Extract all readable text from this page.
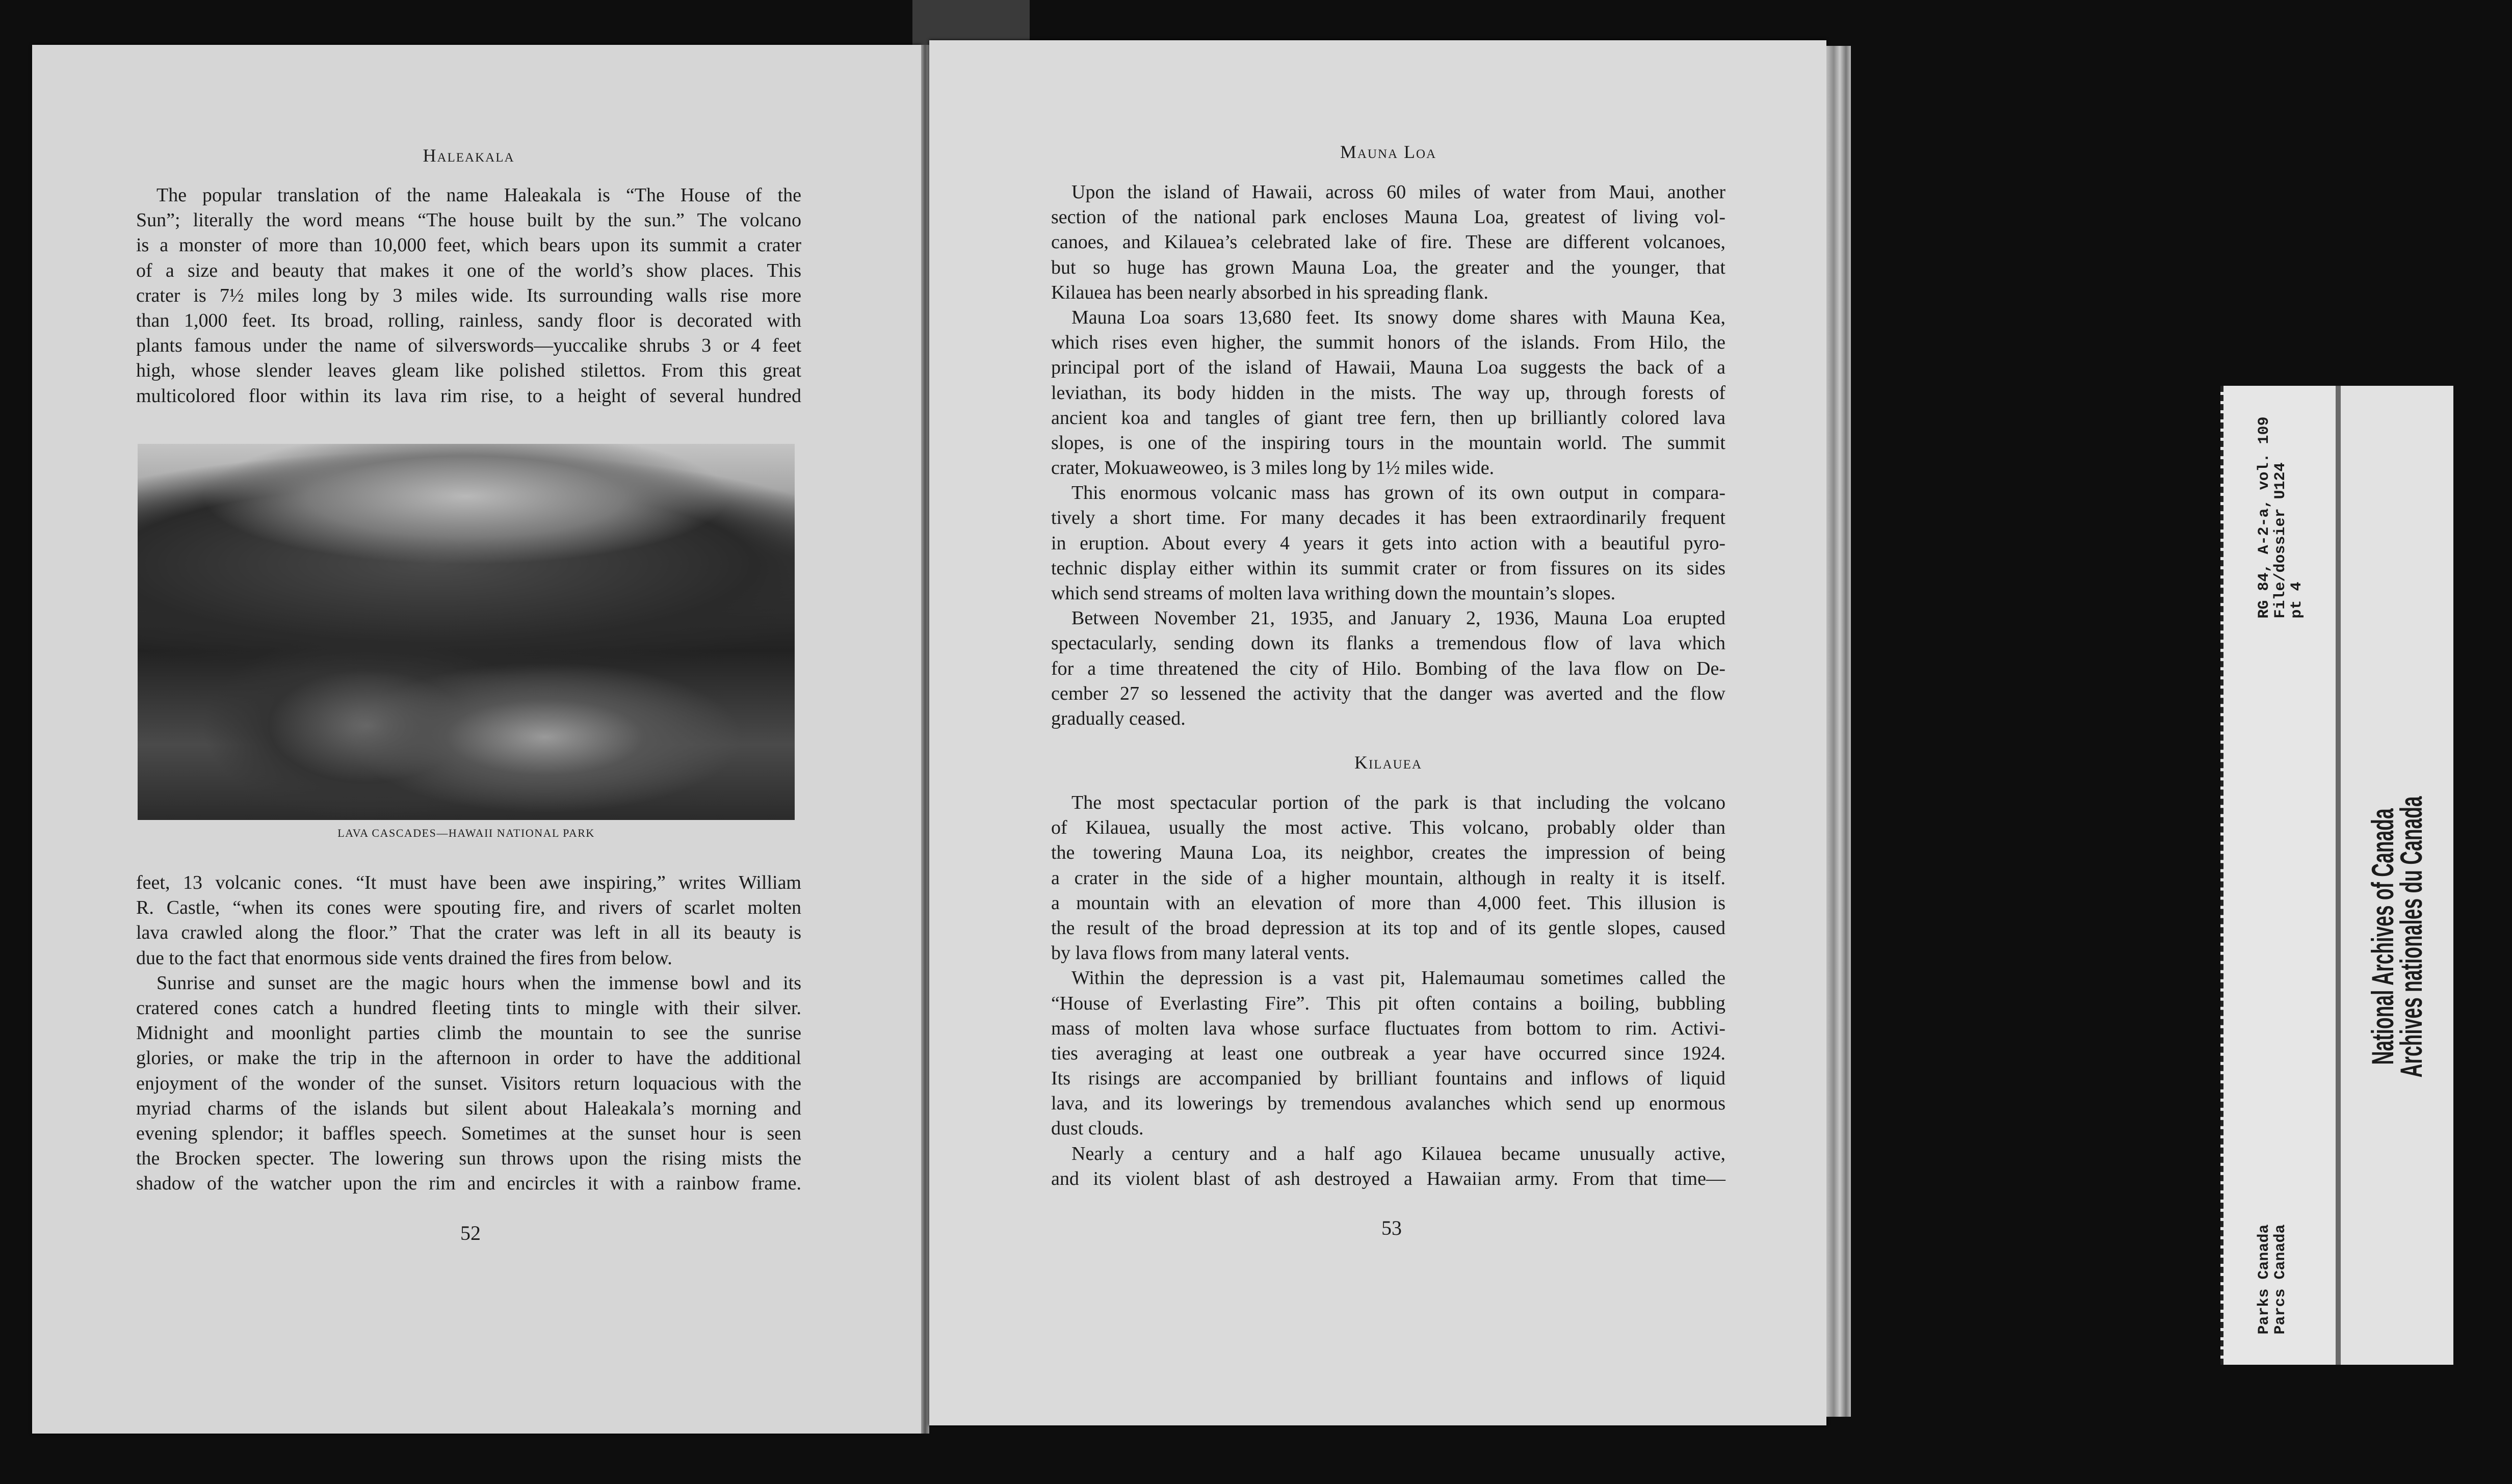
Haleakala
The popular translation of the name Haleakala is “The House of the
Sun”; literally the word means “The house built by the sun.” The volcano
is a monster of more than 10,000 feet, which bears upon its summit a crater
of a size and beauty that makes it one of the world’s show places. This
crater is 7½ miles long by 3 miles wide. Its surrounding walls rise more
than 1,000 feet. Its broad, rolling, rainless, sandy floor is decorated with
plants famous under the name of silverswords—yuccalike shrubs 3 or 4 feet
high, whose slender leaves gleam like polished stilettos. From this great
multicolored floor within its lava rim rise, to a height of several hundred
LAVA CASCADES—HAWAII NATIONAL PARK
feet, 13 volcanic cones. “It must have been awe inspiring,” writes William
R. Castle, “when its cones were spouting fire, and rivers of scarlet molten
lava crawled along the floor.” That the crater was left in all its beauty is
due to the fact that enormous side vents drained the fires from below.
Sunrise and sunset are the magic hours when the immense bowl and its
cratered cones catch a hundred fleeting tints to mingle with their silver.
Midnight and moonlight parties climb the mountain to see the sunrise
glories, or make the trip in the afternoon in order to have the additional
enjoyment of the wonder of the sunset. Visitors return loquacious with the
myriad charms of the islands but silent about Haleakala’s morning and
evening splendor; it baffles speech. Sometimes at the sunset hour is seen
the Brocken specter. The lowering sun throws upon the rising mists the
shadow of the watcher upon the rim and encircles it with a rainbow frame.
52
Mauna Loa
Upon the island of Hawaii, across 60 miles of water from Maui, another
section of the national park encloses Mauna Loa, greatest of living vol-
canoes, and Kilauea’s celebrated lake of fire. These are different volcanoes,
but so huge has grown Mauna Loa, the greater and the younger, that
Kilauea has been nearly absorbed in his spreading flank.
Mauna Loa soars 13,680 feet. Its snowy dome shares with Mauna Kea,
which rises even higher, the summit honors of the islands. From Hilo, the
principal port of the island of Hawaii, Mauna Loa suggests the back of a
leviathan, its body hidden in the mists. The way up, through forests of
ancient koa and tangles of giant tree fern, then up brilliantly colored lava
slopes, is one of the inspiring tours in the mountain world. The summit
crater, Mokuaweoweo, is 3 miles long by 1½ miles wide.
This enormous volcanic mass has grown of its own output in compara-
tively a short time. For many decades it has been extraordinarily frequent
in eruption. About every 4 years it gets into action with a beautiful pyro-
technic display either within its summit crater or from fissures on its sides
which send streams of molten lava writhing down the mountain’s slopes.
Between November 21, 1935, and January 2, 1936, Mauna Loa erupted
spectacularly, sending down its flanks a tremendous flow of lava which
for a time threatened the city of Hilo. Bombing of the lava flow on De-
cember 27 so lessened the activity that the danger was averted and the flow
gradually ceased.
Kilauea
The most spectacular portion of the park is that including the volcano
of Kilauea, usually the most active. This volcano, probably older than
the towering Mauna Loa, its neighbor, creates the impression of being
a crater in the side of a higher mountain, although in realty it is itself.
a mountain with an elevation of more than 4,000 feet. This illusion is
the result of the broad depression at its top and of its gentle slopes, caused
by lava flows from many lateral vents.
Within the depression is a vast pit, Halemaumau sometimes called the
“House of Everlasting Fire”. This pit often contains a boiling, bubbling
mass of molten lava whose surface fluctuates from bottom to rim. Activi-
ties averaging at least one outbreak a year have occurred since 1924.
Its risings are accompanied by brilliant fountains and inflows of liquid
lava, and its lowerings by tremendous avalanches which send up enormous
dust clouds.
Nearly a century and a half ago Kilauea became unusually active,
and its violent blast of ash destroyed a Hawaiian army. From that time—
53	Parks Canada
Parcs Canada
RG 84, A-2-a, vol. 109
File/dossier U124
pt 4
National Archives of Canada
Archives nationales du Canada
